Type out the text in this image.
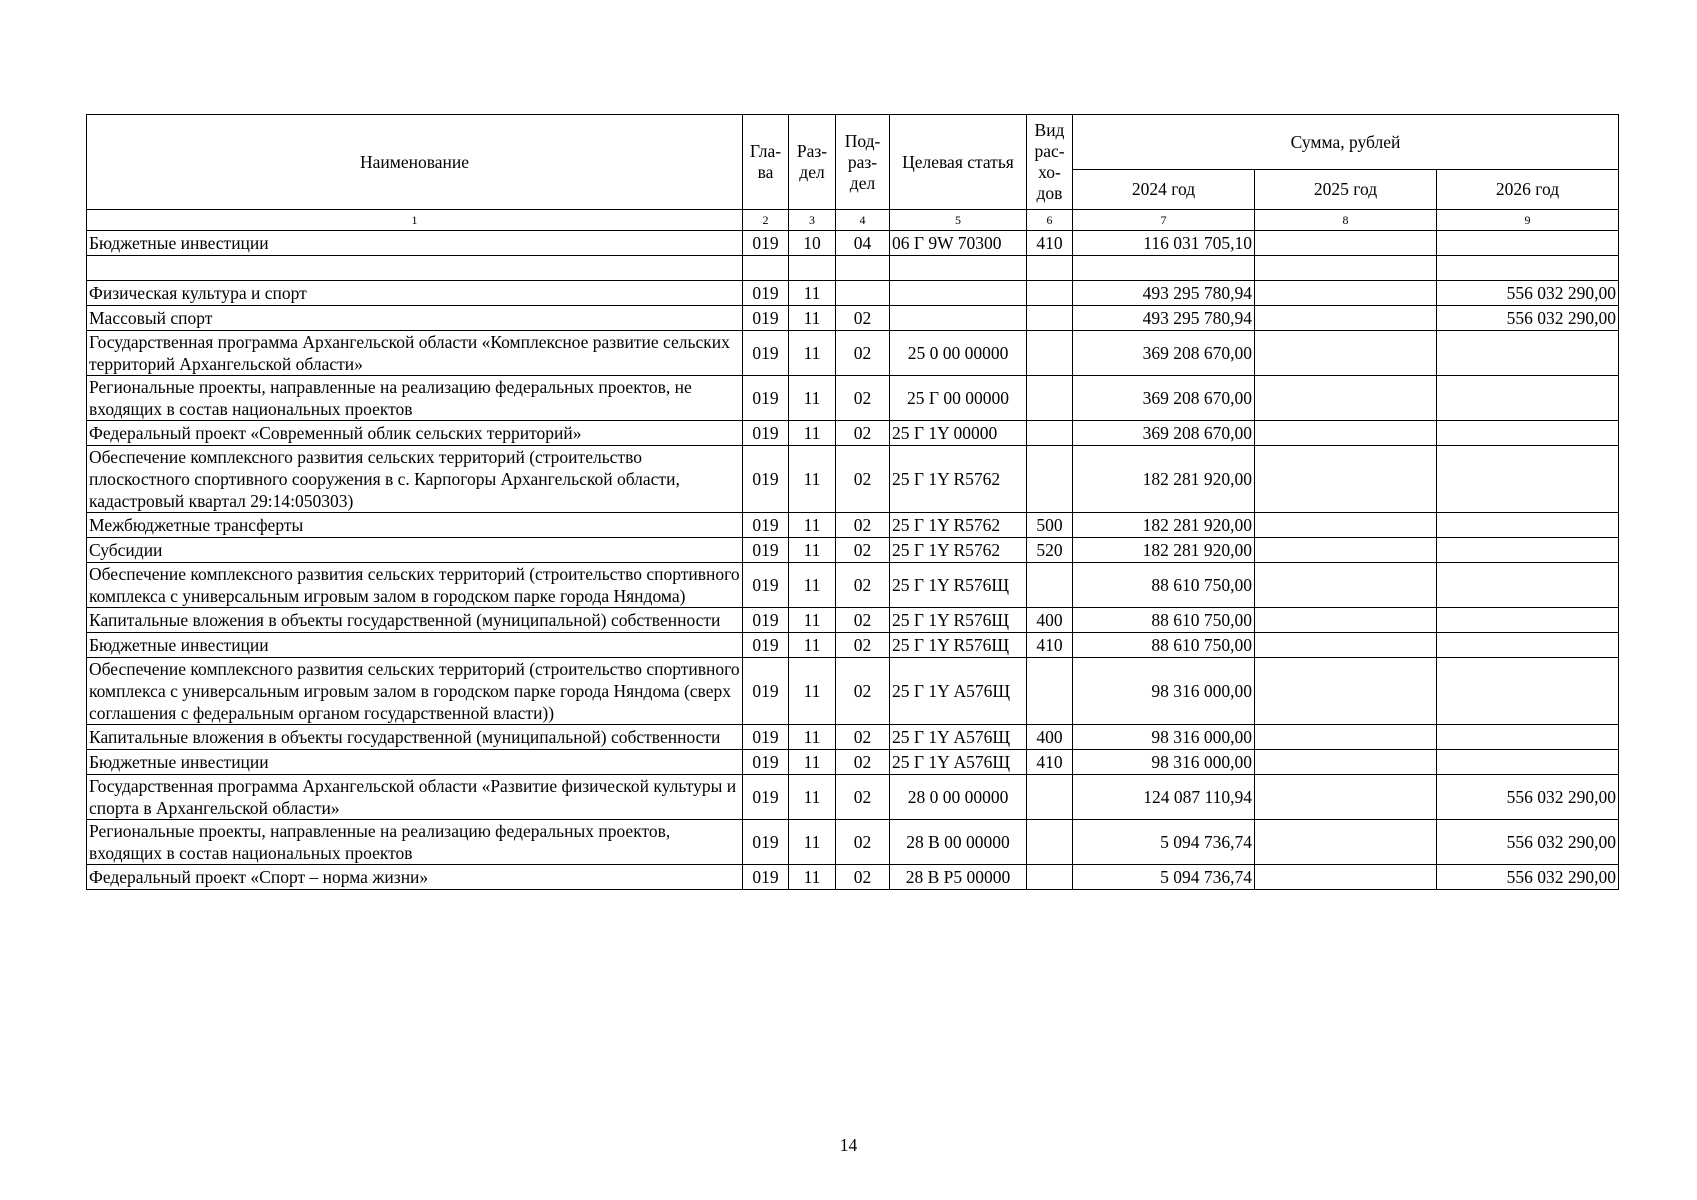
Наименование	Гла-ва	Раз-дел	Под-раз-дел	Целевая статья	Вид рас-хо-дов	Сумма, рублей		
						2024 год	2025 год	2026 год
1	2	3	4	5	6	7	8	9
Бюджетные инвестиции	019	10	04	06 Г 9W 70300	410	116 031 705,10		

Физическая культура и спорт	019	11				493 295 780,94		556 032 290,00
Массовый спорт	019	11	02			493 295 780,94		556 032 290,00
Государственная программа Архангельской области «Комплексное развитие сельских территорий Архангельской области»	019	11	02	25 0 00 00000		369 208 670,00		
Региональные проекты, направленные на реализацию федеральных проектов, не входящих в состав национальных проектов	019	11	02	25 Г 00 00000		369 208 670,00		
Федеральный проект «Современный облик сельских территорий»	019	11	02	25 Г 1Y 00000		369 208 670,00		
Обеспечение комплексного развития сельских территорий (строительство плоскостного спортивного сооружения в с. Карпогоры Архангельской области, кадастровый квартал 29:14:050303)	019	11	02	25 Г 1Y R5762		182 281 920,00		
Межбюджетные трансферты	019	11	02	25 Г 1Y R5762	500	182 281 920,00		
Субсидии	019	11	02	25 Г 1Y R5762	520	182 281 920,00		
Обеспечение комплексного развития сельских территорий (строительство спортивного комплекса с универсальным игровым залом в городском парке города Няндома)	019	11	02	25 Г 1Y R576Щ		88 610 750,00		
Капитальные вложения в объекты государственной (муниципальной) собственности	019	11	02	25 Г 1Y R576Щ	400	88 610 750,00		
Бюджетные инвестиции	019	11	02	25 Г 1Y R576Щ	410	88 610 750,00		
Обеспечение комплексного развития сельских территорий (строительство спортивного комплекса с универсальным игровым залом в городском парке города Няндома (сверх соглашения с федеральным органом государственной власти))	019	11	02	25 Г 1Y А576Щ		98 316 000,00		
Капитальные вложения в объекты государственной (муниципальной) собственности	019	11	02	25 Г 1Y А576Щ	400	98 316 000,00		
Бюджетные инвестиции	019	11	02	25 Г 1Y А576Щ	410	98 316 000,00		
Государственная программа Архангельской области «Развитие физической культуры и спорта в Архангельской области»	019	11	02	28 0 00 00000		124 087 110,94		556 032 290,00
Региональные проекты, направленные на реализацию федеральных проектов, входящих в состав национальных проектов	019	11	02	28 В 00 00000		5 094 736,74		556 032 290,00
Федеральный проект «Спорт – норма жизни»	019	11	02	28 В P5 00000		5 094 736,74		556 032 290,00
14
